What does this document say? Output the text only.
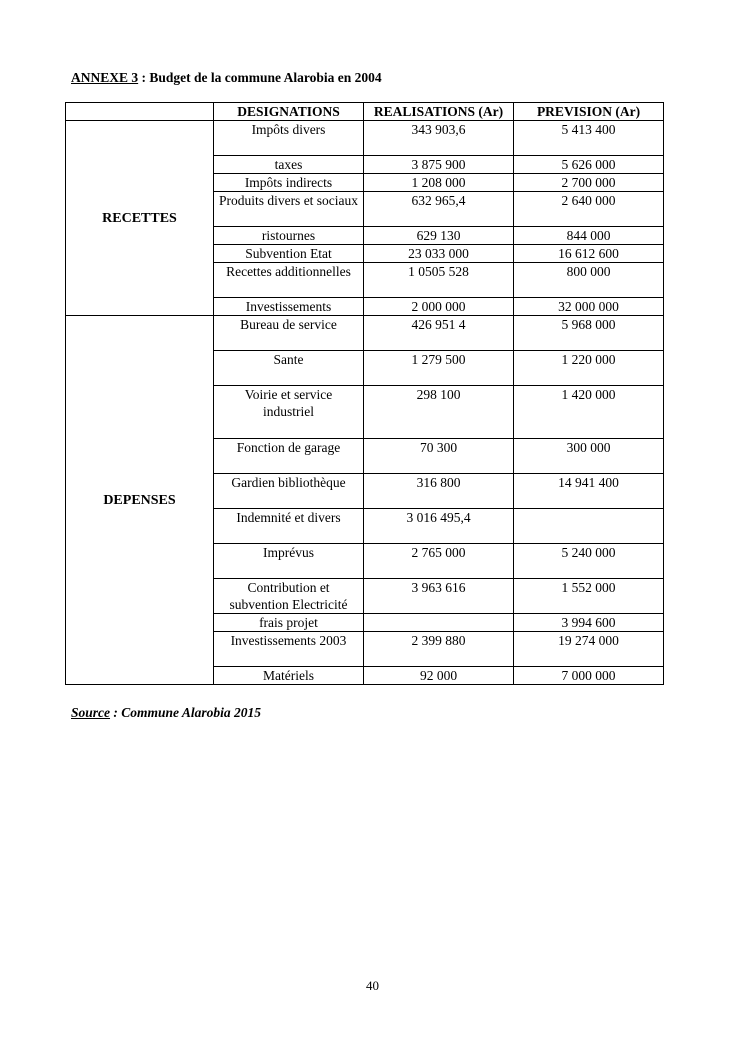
ANNEXE 3 : Budget de la commune Alarobia en 2004
	DESIGNATIONS	REALISATIONS (Ar)	PREVISION (Ar)
RECETTES	Impôts divers	343 903,6	5 413 400
	taxes	3 875 900	5 626 000
	Impôts indirects	1 208 000	2 700 000
	Produits divers et sociaux	632 965,4	2 640 000
	ristournes	629 130	844 000
	Subvention Etat	23 033 000	16 612 600
	Recettes additionnelles	1 0505 528	800 000
	Investissements	2 000 000	32 000 000
DEPENSES	Bureau de service	426 951 4	5 968 000
	Sante	1 279 500	1 220 000
	Voirie et service industriel	298 100	1 420 000
	Fonction de garage	70 300	300 000
	Gardien bibliothèque	316 800	14 941 400
	Indemnité et divers	3 016 495,4	
	Imprévus	2 765 000	5 240 000
	Contribution et subvention Electricité	3 963 616	1 552 000
	frais projet		3 994 600
	Investissements 2003	2 399 880	19 274 000
	Matériels	92 000	7 000 000
Source : Commune Alarobia 2015
40
